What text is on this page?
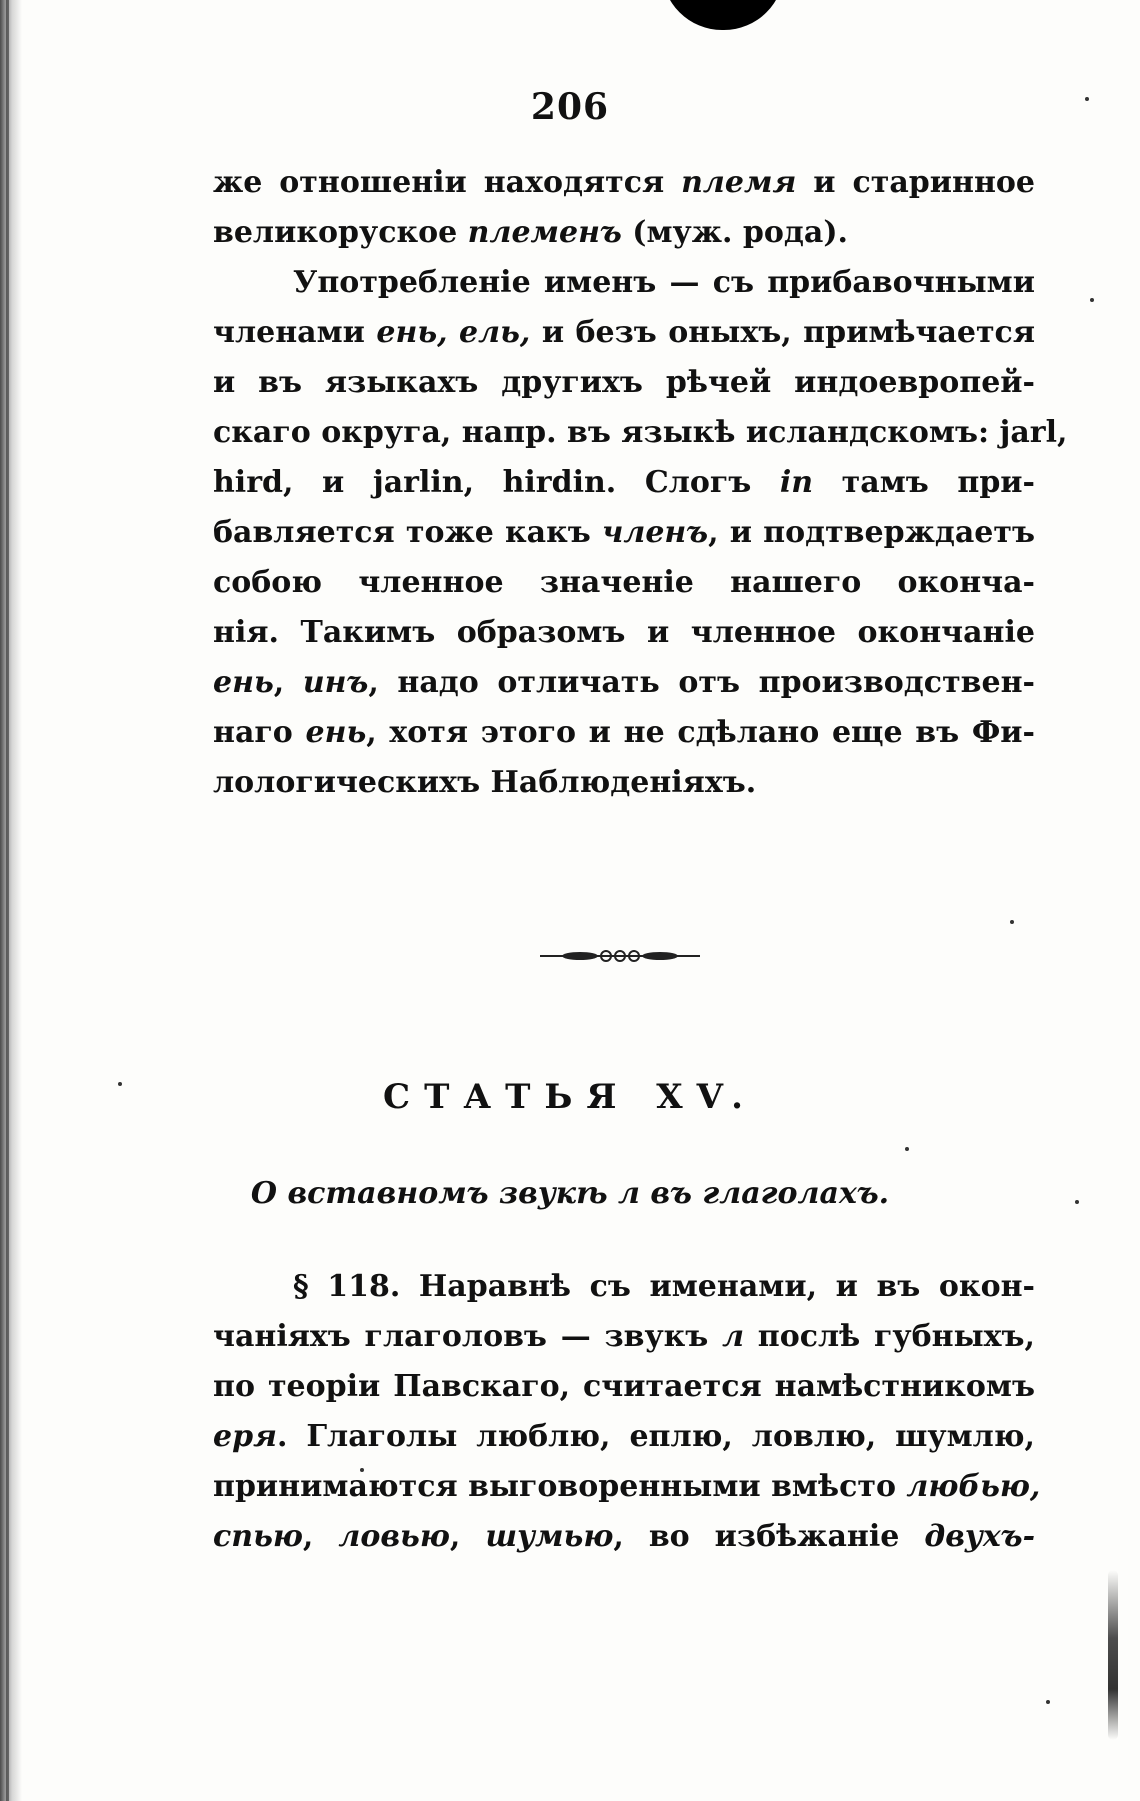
206
же отношенiи находятся племя и старинное
великоруское племенъ (муж. рода).
Употребленiе именъ — съ прибавочными
членами ень, ель, и безъ оныхъ, примѣчается
и въ языкахъ другихъ рѣчей индоевропей-
скаго округа, напр. въ языкѣ исландскомъ: jarl,
hird, и jarlin, hirdin. Слогъ in тамъ при-
бавляется тоже какъ членъ, и подтверждаетъ
собою членное значенiе нашего оконча-
нiя. Такимъ образомъ и членное окончанiе
ень, инъ, надо отличать отъ производствен-
наго ень, хотя этого и не сдѣлано еще въ Фи-
лологическихъ Наблюденiяхъ.
СТАТЬЯ XV.
О вставномъ звукѣ л въ глаголахъ.
§ 118. Наравнѣ съ именами, и въ окон-
чанiяхъ глаголовъ — звукъ л послѣ губныхъ,
по теорiи Павскаго, считается намѣстникомъ
еря. Глаголы люблю, еплю, ловлю, шумлю,
принимаются выговоренными вмѣсто любью,
спью, ловью, шумью, во избѣжанiе двухъ-
